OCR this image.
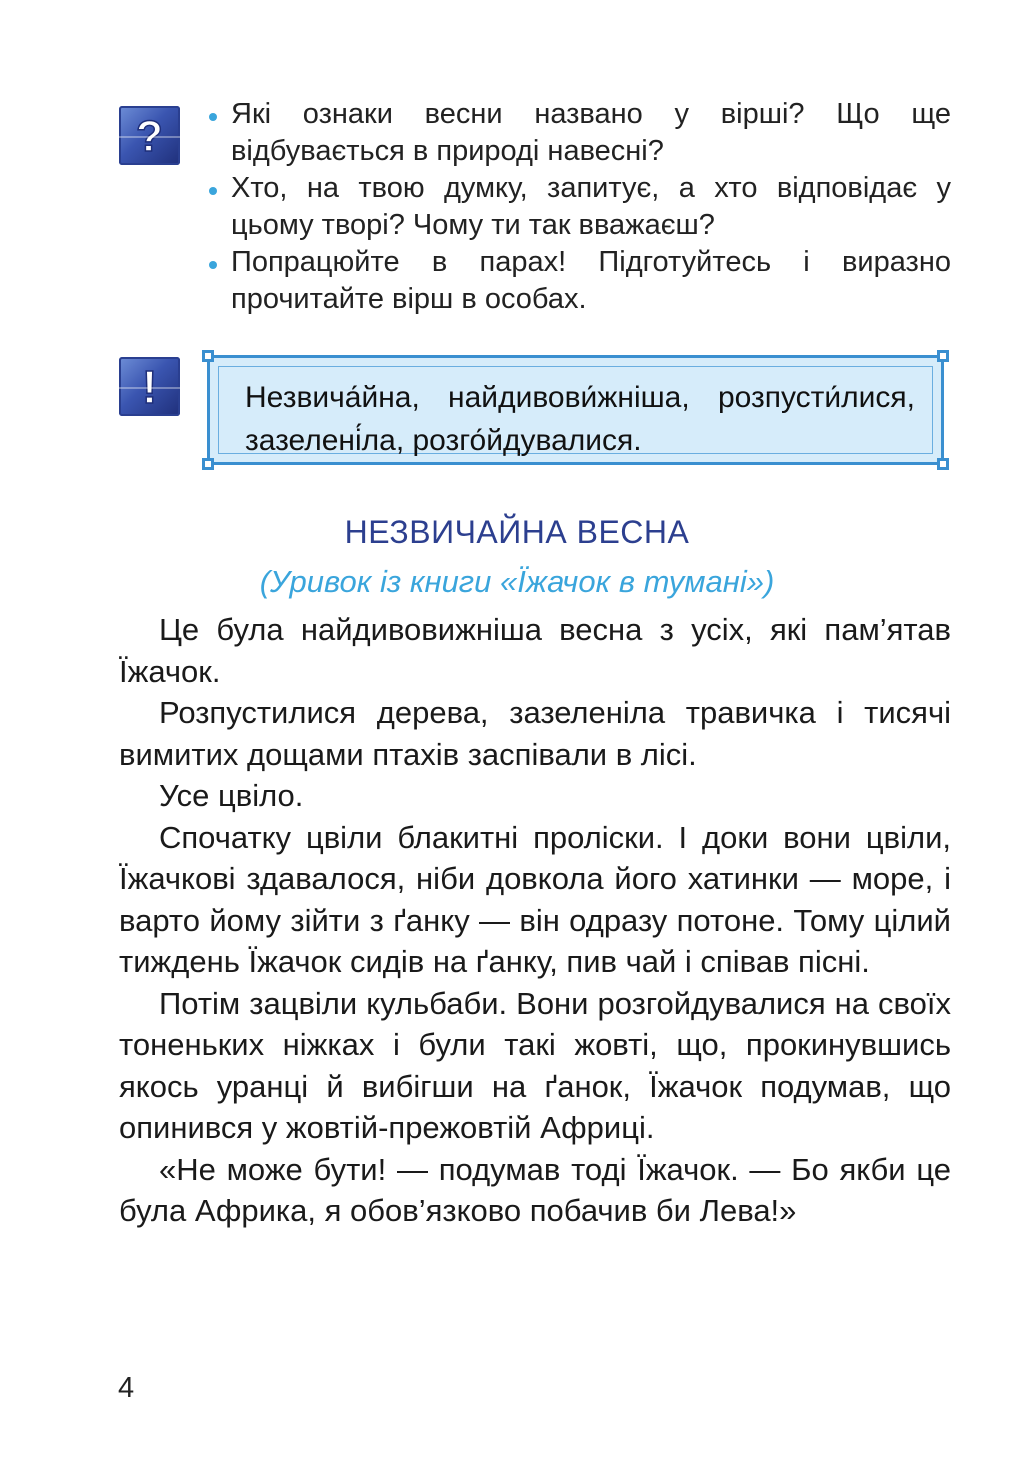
?	Які ознаки весни названо у вірші? Що ще відбувається в природі навесні?

Хто, на твою думку, запитує, а хто відповідає у цьому творі? Чому ти так вважаєш?

Попрацюйте в парах! Підготуйтесь і виразно прочитайте вірш в особах.

!	Незвича́йна, найдивови́жніша, розпусти́лися, зазелені́ла, розго́йдувалися.
НЕЗВИЧАЙНА ВЕСНА
(Уривок із книги «Їжачок в тумані»)

Це була найдивовижніша весна з усіх, які пам’ятав Їжачок.

Розпустилися дерева, зазеленіла травичка і тисячі вимитих дощами птахів заспівали в лісі.

Усе цвіло.

Спочатку цвіли блакитні проліски. І доки вони цвіли, Їжачкові здавалося, ніби довкола його хатинки — море, і варто йому зійти з ґанку — він одразу потоне. Тому цілий тиждень Їжачок сидів на ґанку, пив чай і співав пісні.

Потім зацвіли кульбаби. Вони розгойдувалися на своїх тоненьких ніжках і були такі жовті, що, прокинувшись якось уранці й вибігши на ґанок, Їжачок подумав, що опинився у жовтій-прежовтій Африці.

«Не може бути! — подумав тоді Їжачок. — Бо якби це була Африка, я обов’язково побачив би Лева!»

4
